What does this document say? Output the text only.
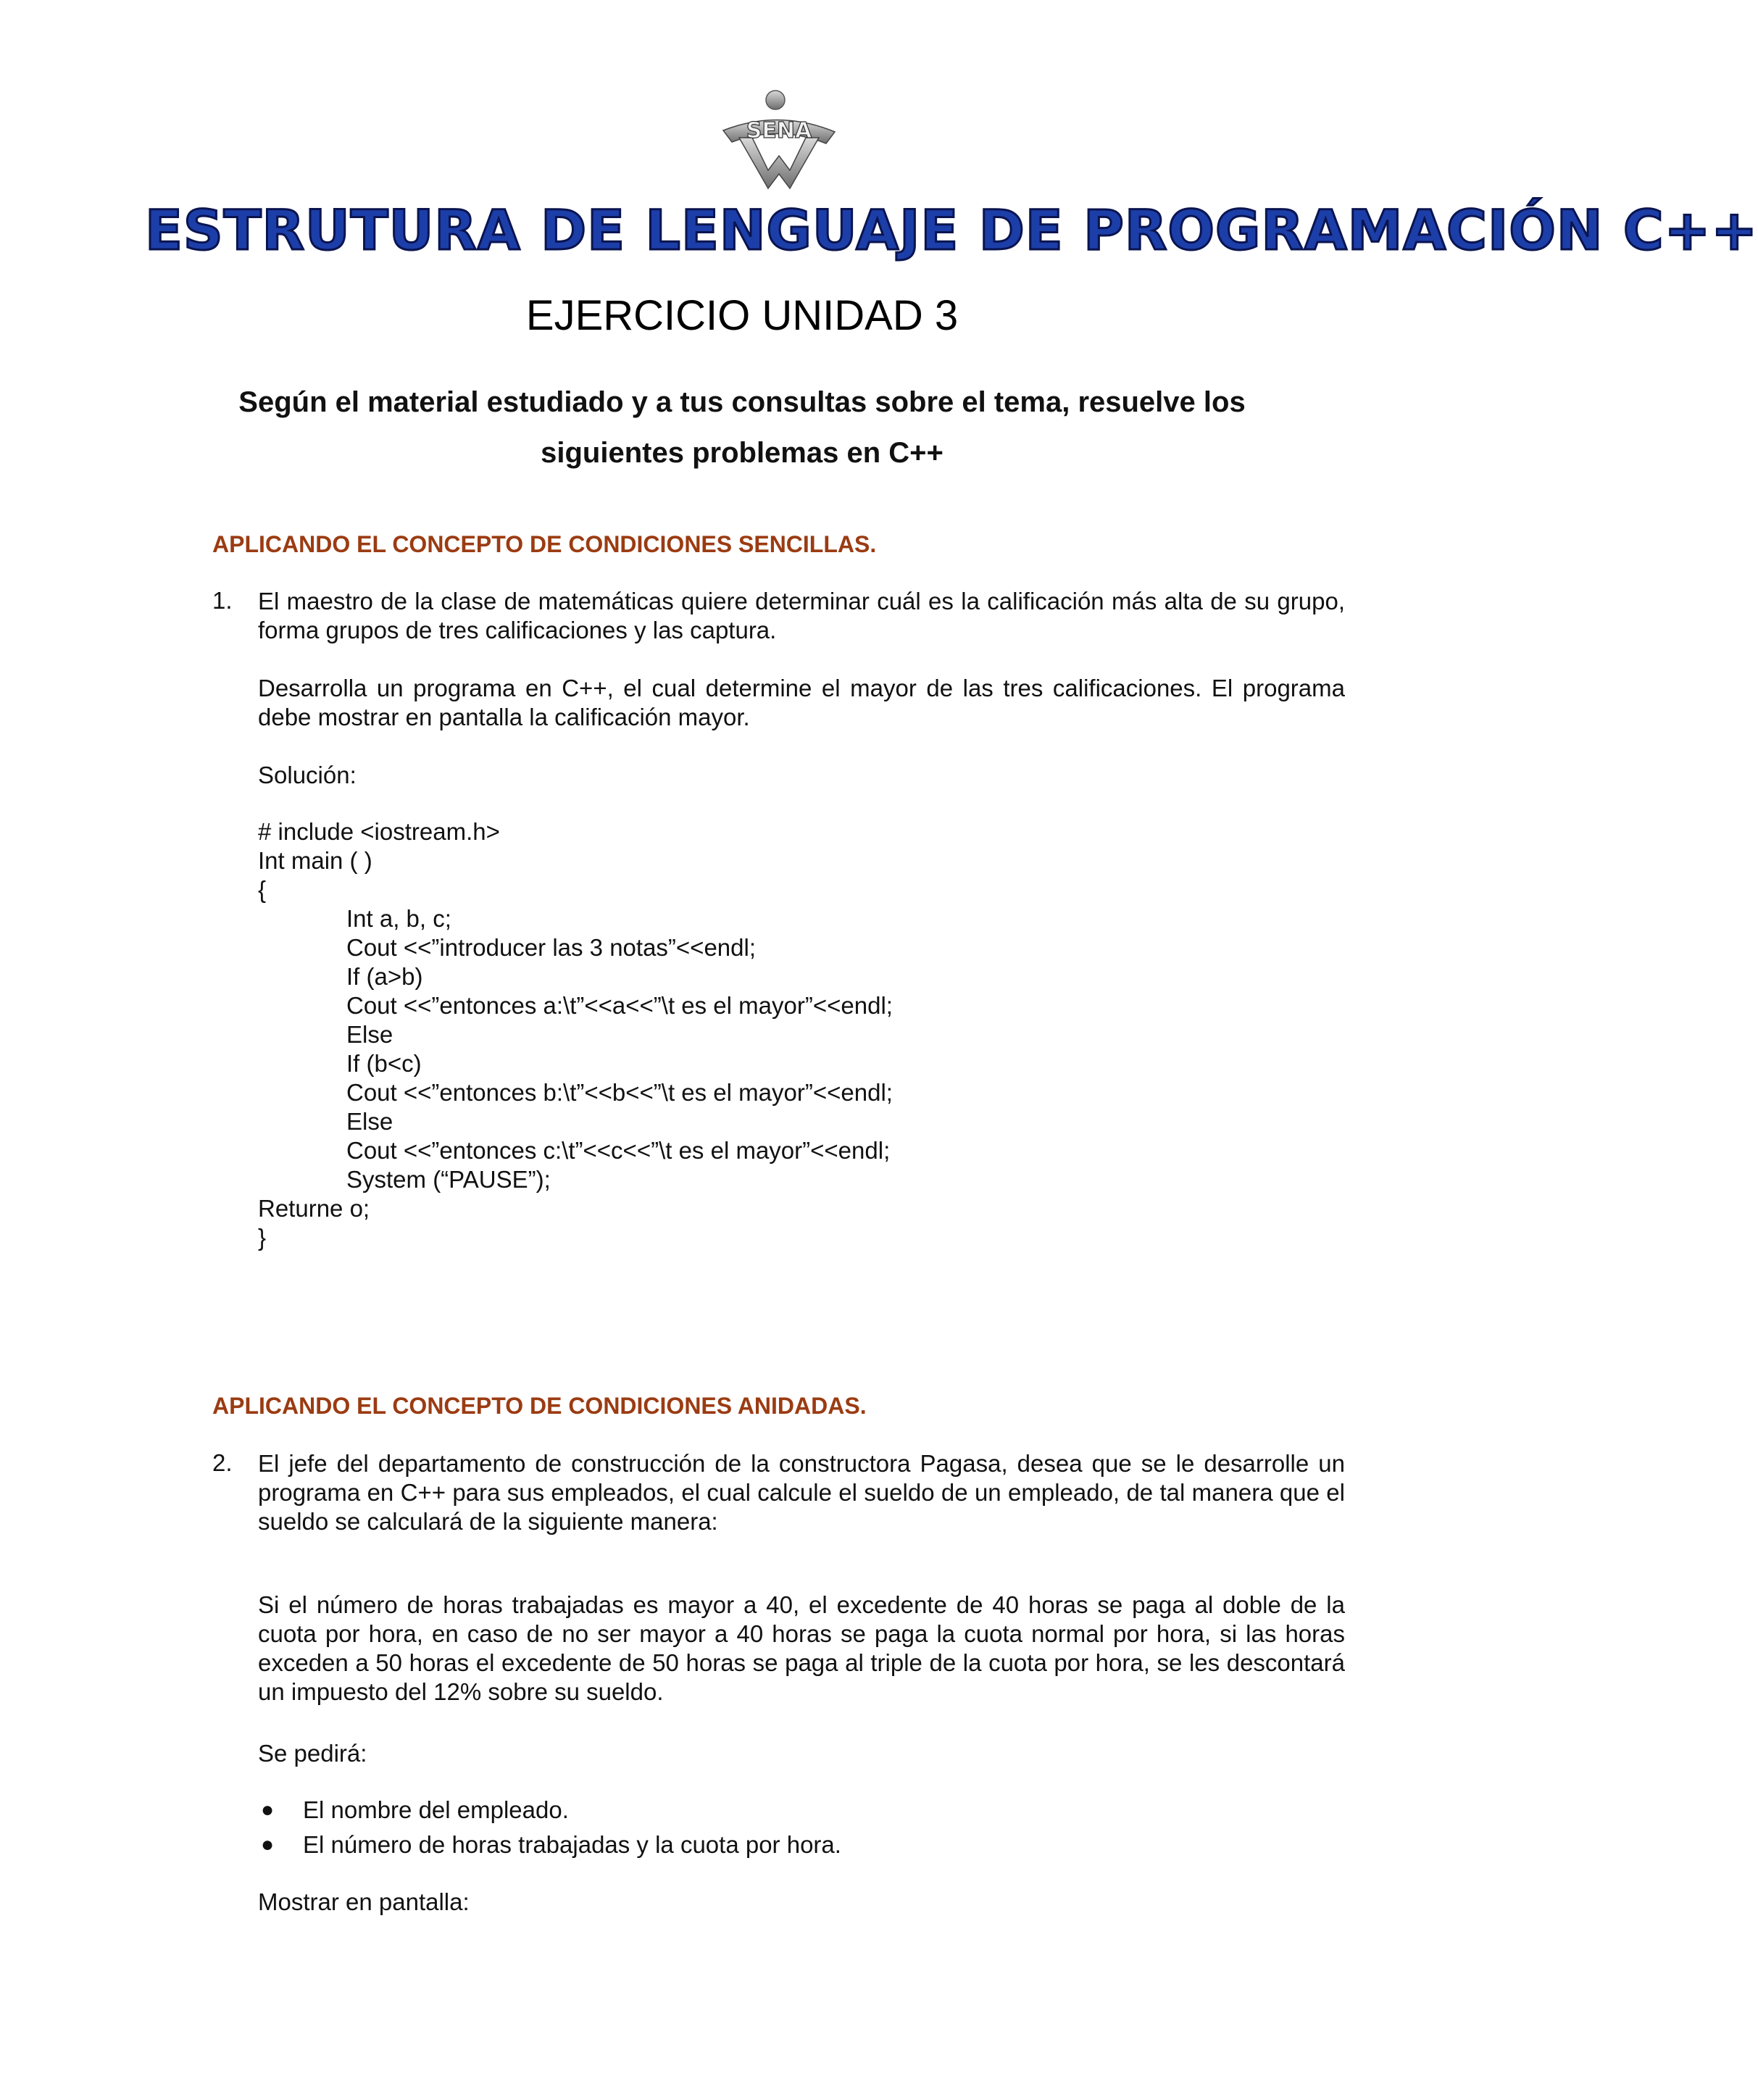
SENA
ESTRUTURA DE LENGUAJE DE PROGRAMACIÓN C++
EJERCICIO UNIDAD 3
Según el material estudiado y a tus consultas sobre el tema, resuelve los siguientes problemas en C++
APLICANDO EL CONCEPTO DE CONDICIONES SENCILLAS.
1. El maestro de la clase de matemáticas quiere determinar cuál es la calificación más alta de su grupo, forma grupos de tres calificaciones y las captura.
Desarrolla un programa en C++, el cual determine el mayor de las tres calificaciones. El programa debe mostrar en pantalla la calificación mayor.
Solución:
# include <iostream.h>
Int main ( )
{
Int a, b, c;
Cout <<”introducer las 3 notas”<<endl;
If (a>b)
Cout <<”entonces a:\t”<<a<<”\t es el mayor”<<endl;
Else
If (b<c)
Cout <<”entonces b:\t”<<b<<”\t es el mayor”<<endl;
Else
Cout <<”entonces c:\t”<<c<<”\t es el mayor”<<endl;
System (“PAUSE”);
Returne o;
}
APLICANDO EL CONCEPTO DE CONDICIONES ANIDADAS.
2. El jefe del departamento de construcción de la constructora Pagasa, desea que se le desarrolle un programa en C++ para sus empleados, el cual calcule el sueldo de un empleado, de tal manera que el sueldo se calculará de la siguiente manera:
Si el número de horas trabajadas es mayor a 40, el excedente de 40 horas se paga al doble de la cuota por hora, en caso de no ser mayor a 40 horas se paga la cuota normal por hora, si las horas exceden a 50 horas el excedente de 50 horas se paga al triple de la cuota por hora, se les descontará un impuesto del 12% sobre su sueldo.
Se pedirá:
● El nombre del empleado.
● El número de horas trabajadas y la cuota por hora.
Mostrar en pantalla:
